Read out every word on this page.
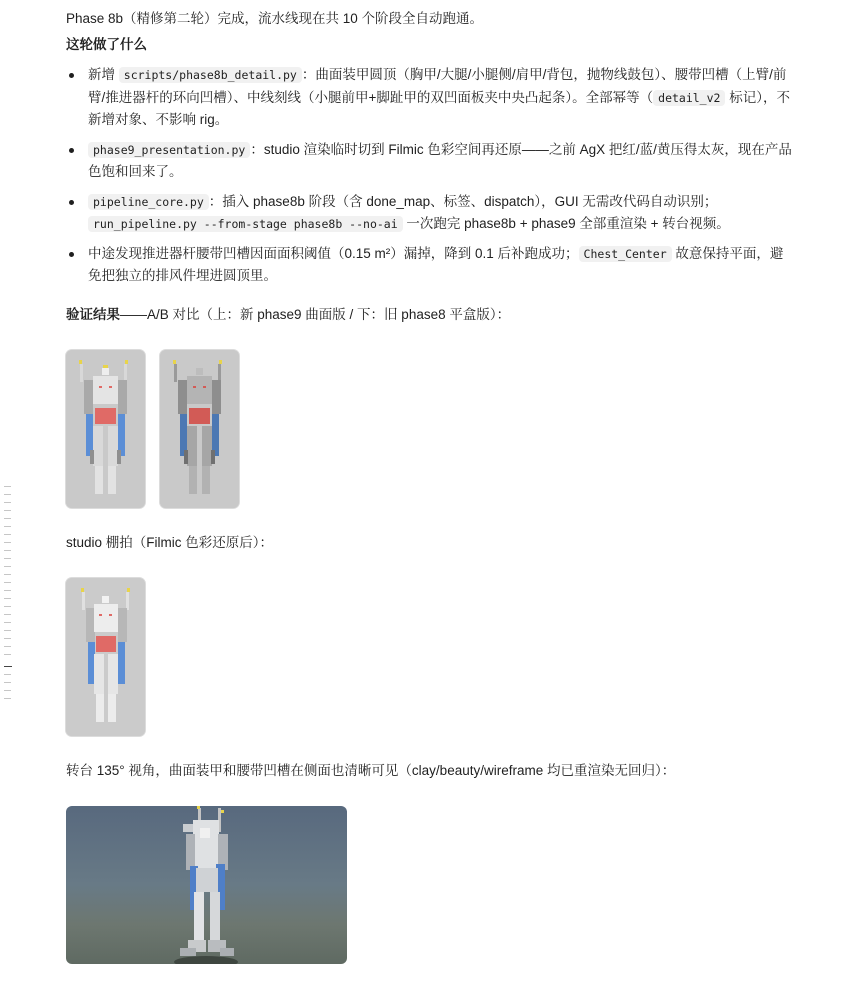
Phase 8b（精修第二轮）完成，流水线现在共 10 个阶段全自动跑通。

这轮做了什么

新增 scripts/phase8b_detail.py ：曲面装甲圆顶（胸甲/大腿/小腿侧/肩甲/背包，抛物线鼓包）、腰带凹槽（上臂/前臂/推进器杆的环向凹槽）、中线刻线（小腿前甲+脚趾甲的双凹面板夹中央凸起条）。全部幂等（ detail_v2 标记），不新增对象、不影响 rig。
phase9_presentation.py ：studio 渲染临时切到 Filmic 色彩空间再还原——之前 AgX 把红/蓝/黄压得太灰，现在产品色饱和回来了。
pipeline_core.py ：插入 phase8b 阶段（含 done_map、标签、dispatch），GUI 无需改代码自动识别；run_pipeline.py --from-stage phase8b --no-ai 一次跑完 phase8b + phase9 全部重渲染 + 转台视频。
中途发现推进器杆腰带凹槽因面面积阈值（0.15 m²）漏掉，降到 0.1 后补跑成功； Chest_Center 故意保持平面，避免把独立的排风件埋进圆顶里。

验证结果——A/B 对比（上：新 phase9 曲面版 / 下：旧 phase8 平盒版）：

studio 棚拍（Filmic 色彩还原后）：

转台 135° 视角，曲面装甲和腰带凹槽在侧面也清晰可见（clay/beauty/wireframe 均已重渲染无回归）：
